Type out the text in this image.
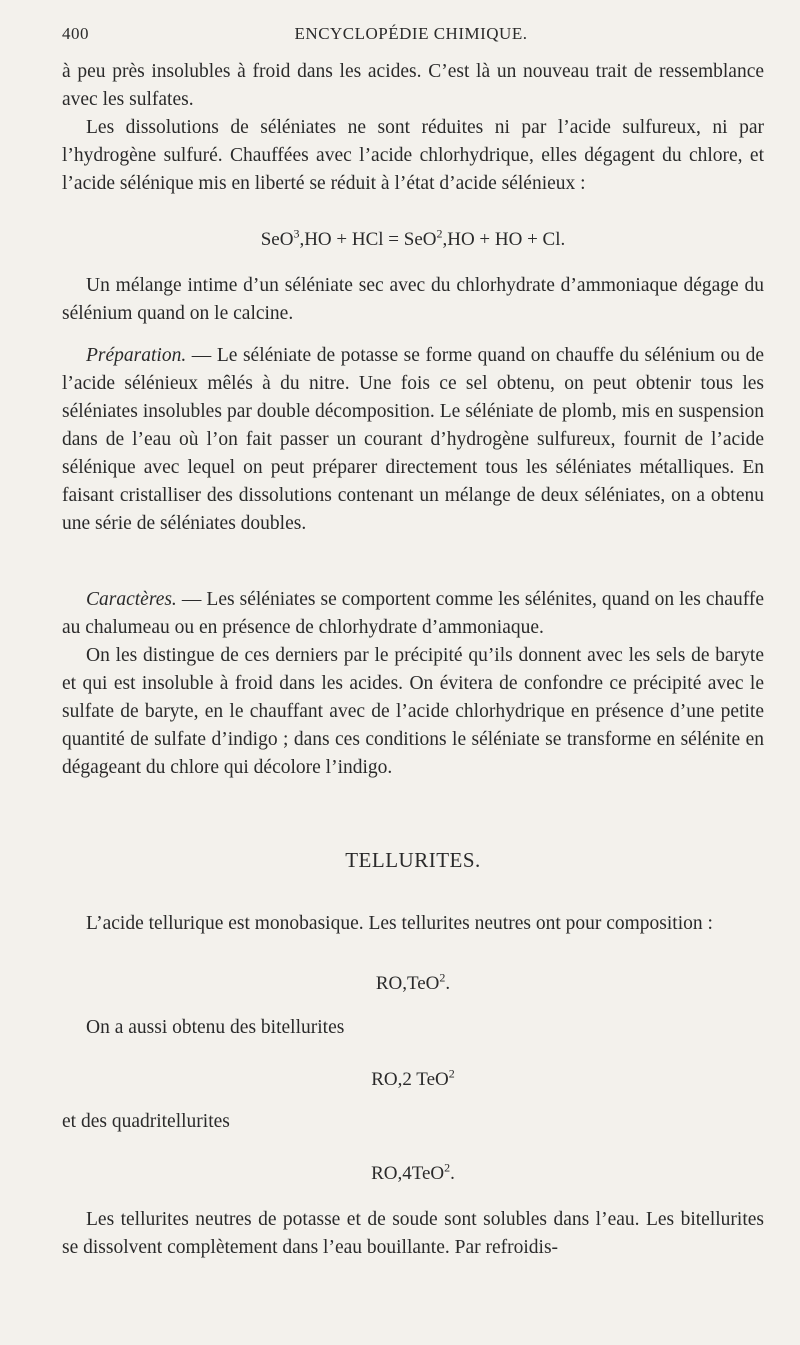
400	ENCYCLOPÉDIE CHIMIQUE.

à peu près insolubles à froid dans les acides. C’est là un nouveau trait de ressemblance avec les sulfates.

Les dissolutions de séléniates ne sont réduites ni par l’acide sulfureux, ni par l’hydrogène sulfuré. Chauffées avec l’acide chlorhydrique, elles dégagent du chlore, et l’acide sélénique mis en liberté se réduit à l’état d’acide sélénieux :

SeO$^3$,HO + HCl = SeO$^2$,HO + HO + Cl.

Un mélange intime d’un séléniate sec avec du chlorhydrate d’ammoniaque dégage du sélénium quand on le calcine.

Préparation. — Le séléniate de potasse se forme quand on chauffe du sélénium ou de l’acide sélénieux mêlés à du nitre. Une fois ce sel obtenu, on peut obtenir tous les séléniates insolubles par double décomposition. Le séléniate de plomb, mis en suspension dans de l’eau où l’on fait passer un courant d’hydrogène sulfureux, fournit de l’acide sélénique avec lequel on peut préparer directement tous les séléniates métalliques. En faisant cristalliser des dissolutions contenant un mélange de deux séléniates, on a obtenu une série de séléniates doubles.

Caractères. — Les séléniates se comportent comme les sélénites, quand on les chauffe au chalumeau ou en présence de chlorhydrate d’ammoniaque.

On les distingue de ces derniers par le précipité qu’ils donnent avec les sels de baryte et qui est insoluble à froid dans les acides. On évitera de confondre ce précipité avec le sulfate de baryte, en le chauffant avec de l’acide chlorhydrique en présence d’une petite quantité de sulfate d’indigo ; dans ces conditions le séléniate se transforme en sélénite en dégageant du chlore qui décolore l’indigo.

TELLURITES.

L’acide tellurique est monobasique. Les tellurites neutres ont pour composition :

RO,TeO$^2$.

On a aussi obtenu des bitellurites

RO,2 TeO$^2$

et des quadritellurites

RO,4TeO$^2$.

Les tellurites neutres de potasse et de soude sont solubles dans l’eau. Les bitellurites se dissolvent complètement dans l’eau bouillante. Par refroidis-
